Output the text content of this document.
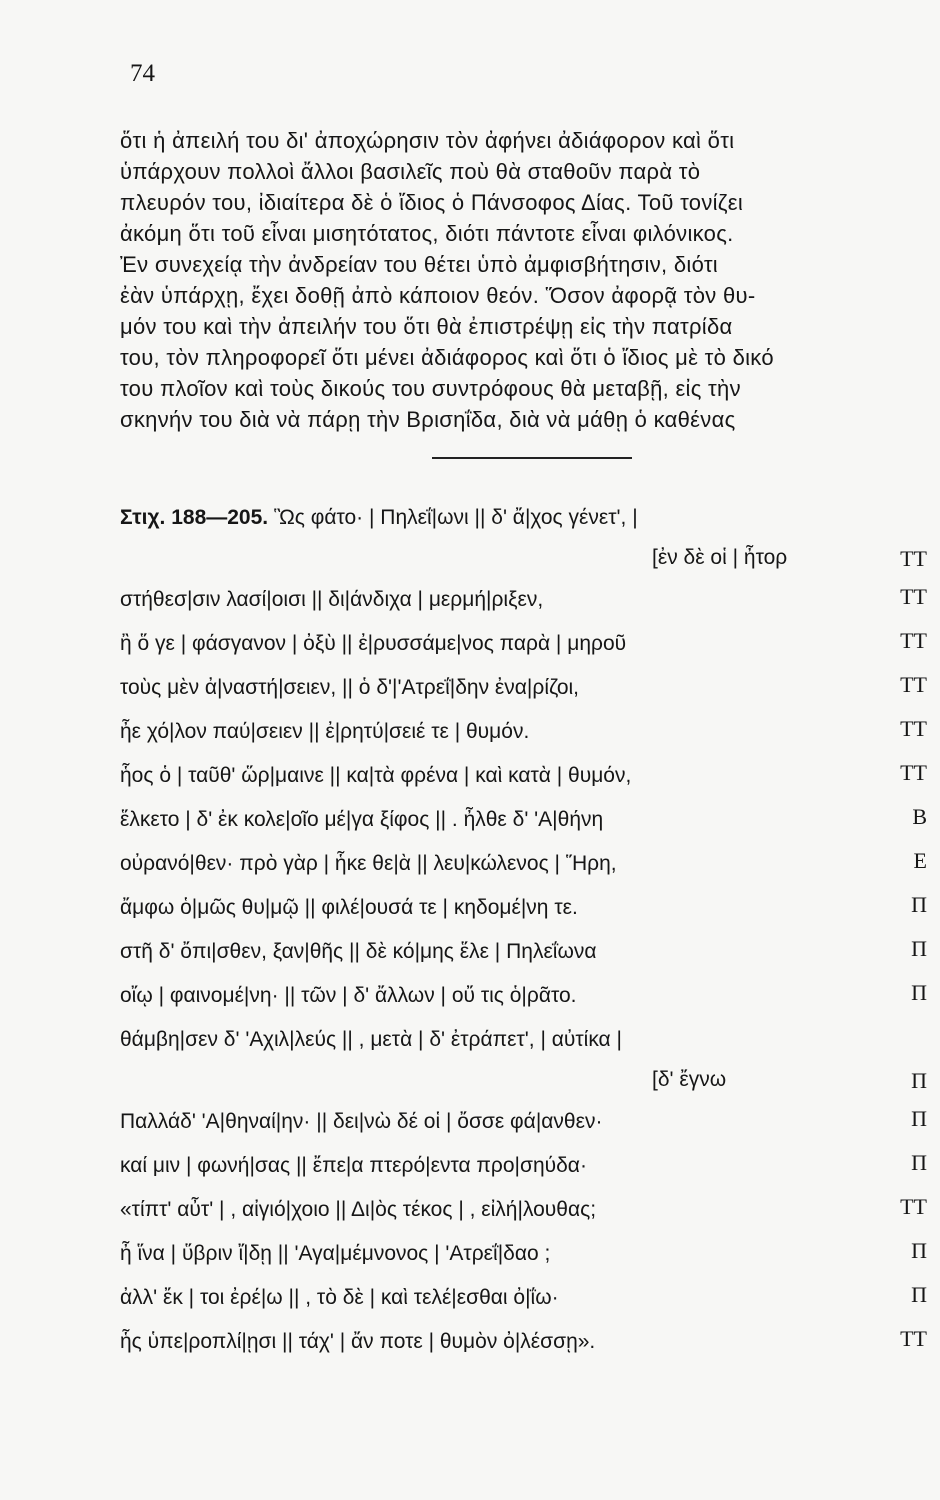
74
ὅτι ἡ ἀπειλή του δι' ἀποχώρησιν τὸν ἀφήνει ἀδιάφορον καὶ ὅτι
ὑπάρχουν πολλοὶ ἄλλοι βασιλεῖς ποὺ θὰ σταθοῦν παρὰ τὸ
πλευρόν του, ἰδιαίτερα δὲ ὁ ἴδιος ὁ Πάνσοφος Δίας. Τοῦ τονίζει
ἀκόμη ὅτι τοῦ εἶναι μισητότατος, διότι πάντοτε εἶναι φιλόνικος.
Ἐν συνεχείᾳ τὴν ἀνδρείαν του θέτει ὑπὸ ἀμφισβήτησιν, διότι
ἐὰν ὑπάρχῃ, ἔχει δοθῇ ἀπὸ κάποιον θεόν. Ὅσον ἀφορᾷ τὸν θυ-
μόν του καὶ τὴν ἀπειλήν του ὅτι θὰ ἐπιστρέψῃ εἰς τὴν πατρίδα
του, τὸν πληροφορεῖ ὅτι μένει ἀδιάφορος καὶ ὅτι ὁ ἴδιος μὲ τὸ δικό
του πλοῖον καὶ τοὺς δικούς του συντρόφους θὰ μεταβῇ, εἰς τὴν
σκηνήν του διὰ νὰ πάρῃ τὴν Βρισηΐδα, διὰ νὰ μάθῃ ὁ καθένας
Στιχ. 188—205. Ὣς φάτο· | Πηλεΐ|ωνι || δ' ἄ|χος γένετ', |
[ἐν δὲ οἱ | ἦτορ	ΤΤ
στήθεσ|σιν λασί|οισι || δι|άνδιχα | μερμή|ριξεν,	ΤΤ
ἢ ὅ γε | φάσγανον | ὀξὺ || ἐ|ρυσσάμε|νος παρὰ | μηροῦ	ΤΤ
τοὺς μὲν ἀ|ναστή|σειεν, || ὁ δ'|'Ατρεΐ|δην ἐνα|ρίζοι,	ΤΤ
ἦε χό|λον παύ|σειεν || ἐ|ρητύ|σειέ τε | θυμόν.	ΤΤ
ἧος ὁ | ταῦθ' ὥρ|μαινε || κα|τὰ φρένα | καὶ κατὰ | θυμόν,	ΤΤ
ἕλκετο | δ' ἐκ κολε|οῖο μέ|γα ξίφος || . ἦλθε δ' 'Α|θήνη	Β
οὐρανό|θεν· πρὸ γὰρ | ἧκε θε|ὰ || λευ|κώλενος | Ἥρη,	Ε
ἄμφω ὁ|μῶς θυ|μῷ || φιλέ|ουσά τε | κηδομέ|νη τε.	Π
στῆ δ' ὄπι|σθεν, ξαν|θῆς || δὲ κό|μης ἕλε | Πηλεΐωνα	Π
οἴῳ | φαινομέ|νη· || τῶν | δ' ἄλλων | οὔ τις ὁ|ρᾶτο.	Π
θάμβη|σεν δ' 'Αχιλ|λεύς || , μετὰ | δ' ἐτράπετ', | αὐτίκα |
[δ' ἔγνω	Π
Παλλάδ' 'Α|θηναί|ην· || δει|νὼ δέ οἱ | ὄσσε φά|ανθεν·	Π
καί μιν | φωνή|σας || ἔπε|α πτερό|εντα προ|σηύδα·	Π
«τίπτ' αὖτ' | , αἰγιό|χοιο || Δι|ὸς τέκος | , εἰλή|λουθας;	ΤΤ
ἦ ἵνα | ὕβριν ἴ|δῃ || 'Αγα|μέμνονος | 'Ατρεΐ|δαο ;	Π
ἀλλ' ἔκ | τοι ἐρέ|ω || , τὸ δὲ | καὶ τελέ|εσθαι ὀ|ΐω·	Π
ἧς ὑπε|ροπλί|ῃσι || τάχ' | ἄν ποτε | θυμὸν ὀ|λέσσῃ».	ΤΤ
